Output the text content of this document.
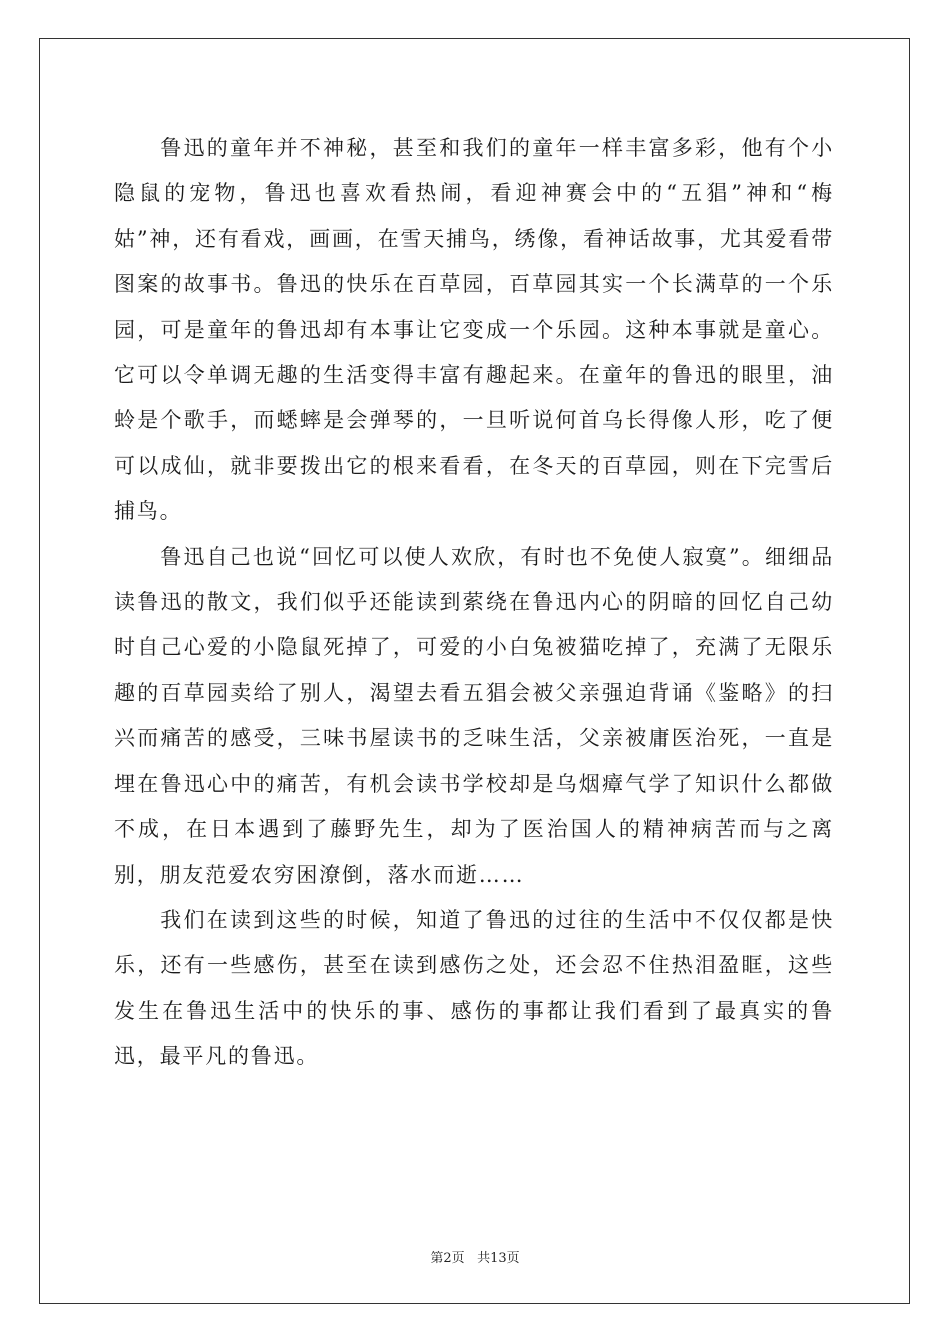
鲁迅的童年并不神秘，甚至和我们的童年一样丰富多彩，他有个小隐鼠的宠物，鲁迅也喜欢看热闹，看迎神赛会中的“五猖”神和“梅姑”神，还有看戏，画画，在雪天捕鸟，绣像，看神话故事，尤其爱看带图案的故事书。鲁迅的快乐在百草园，百草园其实一个长满草的一个乐园，可是童年的鲁迅却有本事让它变成一个乐园。这种本事就是童心。它可以令单调无趣的生活变得丰富有趣起来。在童年的鲁迅的眼里，油蛉是个歌手，而蟋蟀是会弹琴的，一旦听说何首乌长得像人形，吃了便可以成仙，就非要拨出它的根来看看，在冬天的百草园，则在下完雪后捕鸟。

鲁迅自己也说“回忆可以使人欢欣，有时也不免使人寂寞”。细细品读鲁迅的散文，我们似乎还能读到萦绕在鲁迅内心的阴暗的回忆自己幼时自己心爱的小隐鼠死掉了，可爱的小白兔被猫吃掉了，充满了无限乐趣的百草园卖给了别人，渴望去看五猖会被父亲强迫背诵《鉴略》的扫兴而痛苦的感受，三味书屋读书的乏味生活，父亲被庸医治死，一直是埋在鲁迅心中的痛苦，有机会读书学校却是乌烟瘴气学了知识什么都做不成，在日本遇到了藤野先生，却为了医治国人的精神病苦而与之离别，朋友范爱农穷困潦倒，落水而逝……

我们在读到这些的时候，知道了鲁迅的过往的生活中不仅仅都是快乐，还有一些感伤，甚至在读到感伤之处，还会忍不住热泪盈眶，这些发生在鲁迅生活中的快乐的事、感伤的事都让我们看到了最真实的鲁迅，最平凡的鲁迅。

第2页 共13页
